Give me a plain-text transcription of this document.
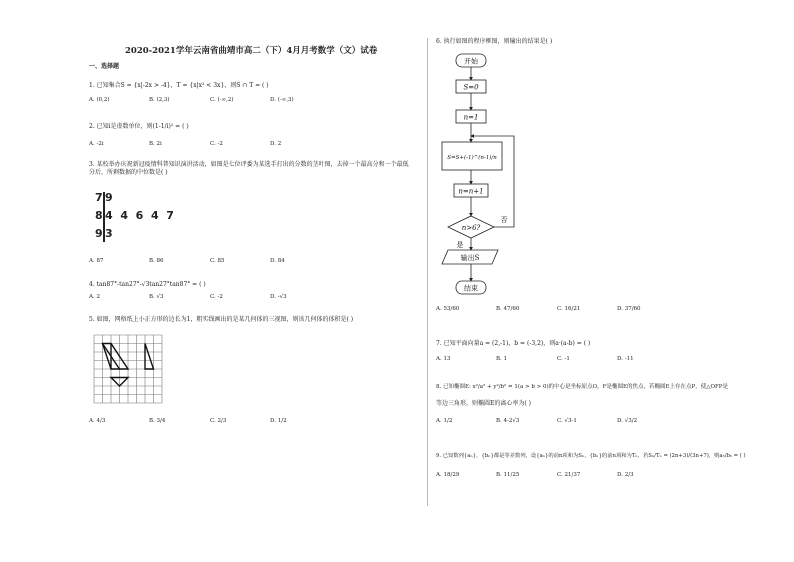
2020-2021学年云南省曲靖市高二（下）4月月考数学（文）试卷
一、选择题
1. 已知集合S = {x|-2x > -4}，T = {x|x² < 3x}，则S ∩ T = ( )
A. (0,2)	B. (2,3)	C. (-∞,2)	D. (-∞,3)
2. 已知i是虚数单位，则(1-1/i)² = ( )
A. -2i	B. 2i	C. -2	D. 2
3. 某校举办庆祝新冠疫情科普知识演讲活动，如图是七位评委为某选手打出的分数的茎叶图，去掉一个最高分和一个最低分后，所剩数据的中位数是( )
7 9
8 4  4  6  4  7
9 3
A. 87	B. 86	C. 85	D. 84
4. tan87°-tan27°-√3tan27°tan87° = ( )
A. 2	B. √3	C. -2	D. -√3
5. 如图，网格纸上小正方形的边长为1，粗实线画出的是某几何体的三视图，则该几何体的体积是( )
A. 4/3	B. 3/4	C. 2/3	D. 1/2
6. 执行如图的程序框图，则输出的结果是( )
开始
S=0
n=1
S=S+(-1)^(n-1)/n
n=n+1
n>6?
否
是
输出S
结束
A. 53/60	B. 47/60	C. 16/21	D. 37/60
7. 已知平面向量a = (2,-1)，b = (-3,2)，则a·(a-b) = ( )
A. 13	B. 1	C. -1	D. -11
8. 已知椭圆E: x²/a² + y²/b² = 1(a > b > 0)的中心是坐标原点O，F是椭圆E的焦点，若椭圆E上存在点P，使△OFP是
等边三角形，则椭圆E的离心率为( )
A. 1/2	B. 4-2√3	C. √3-1	D. √3/2
9. 已知数列{aₙ}，{bₙ}都是等差数列，设{aₙ}的前n项和为Sₙ，{bₙ}的前n项和为Tₙ，若Sₙ/Tₙ = (2n+3)/(3n+7)，则a₅/b₅ = ( )
A. 18/29	B. 11/25	C. 21/37	D. 2/3
